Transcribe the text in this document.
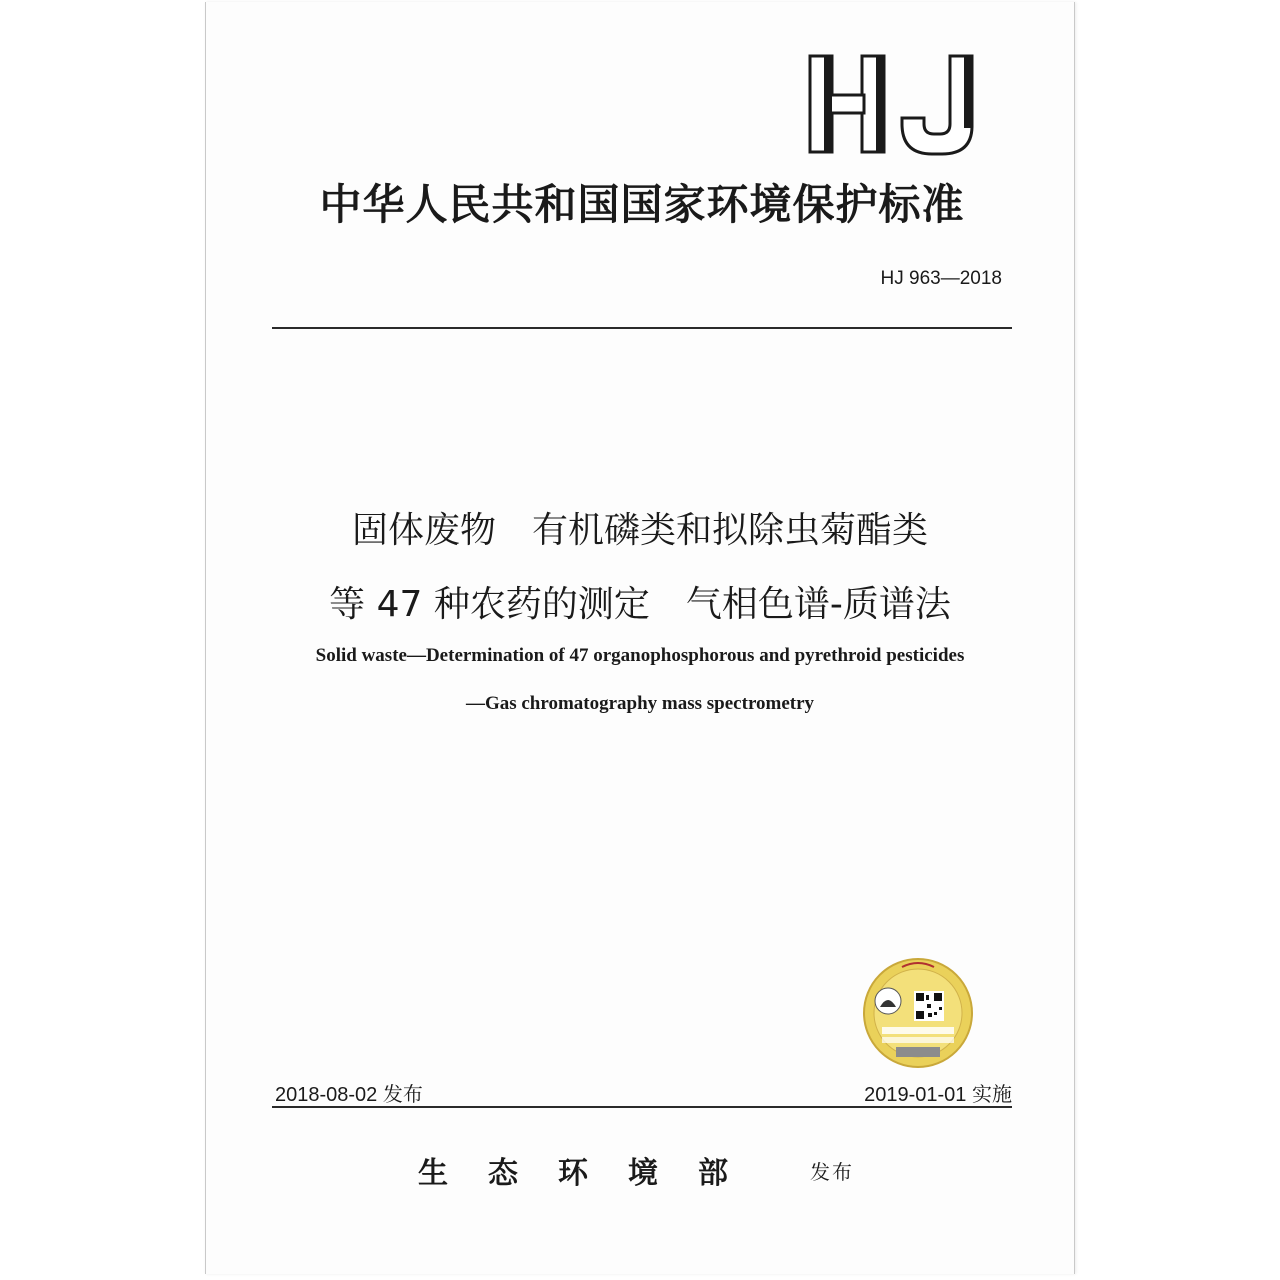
中华人民共和国国家环境保护标准
HJ 963—2018
固体废物　有机磷类和拟除虫菊酯类
等 47 种农药的测定　气相色谱-质谱法
Solid waste—Determination of 47 organophosphorous and pyrethroid pesticides
—Gas chromatography mass spectrometry
2018-08-02 发布	2019-01-01 实施
生态环境部 发布
